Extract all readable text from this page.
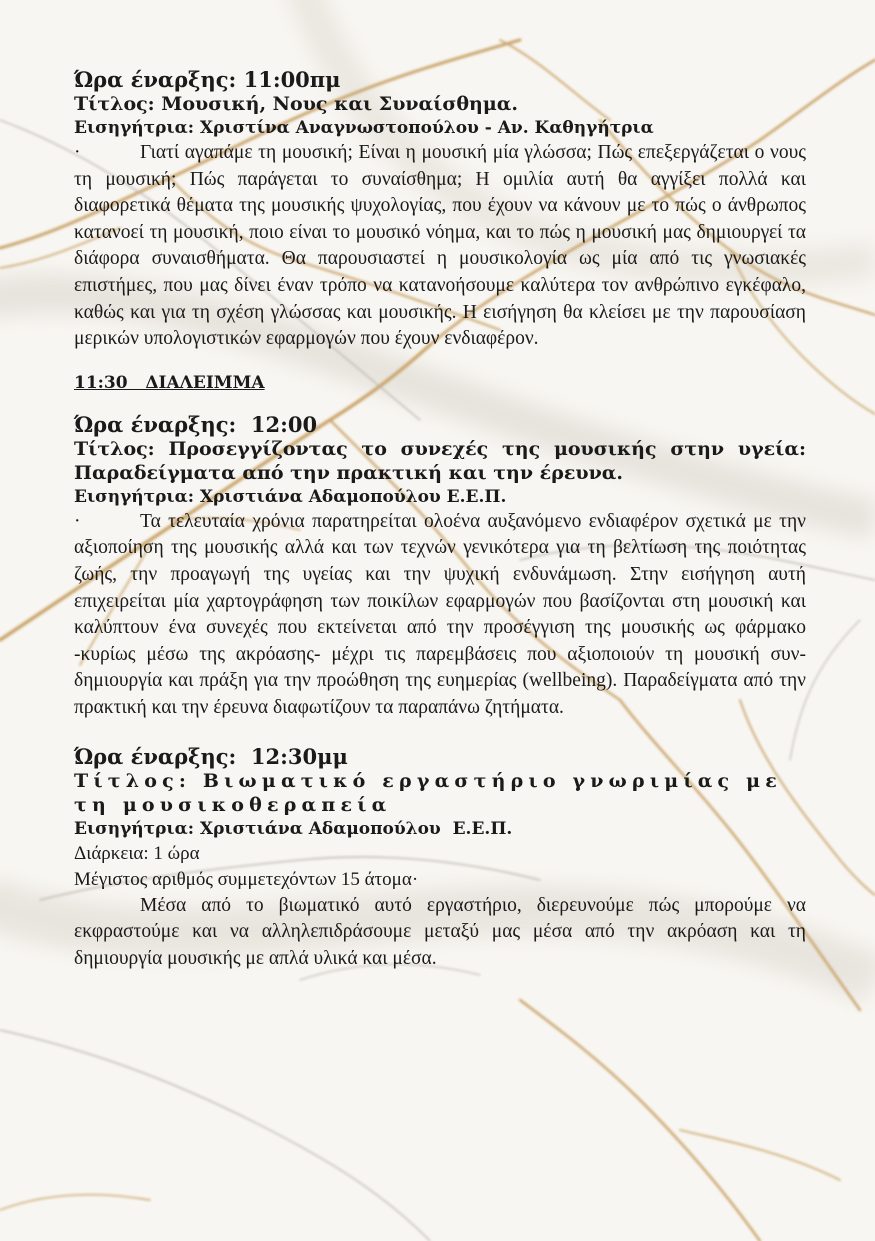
Ώρα έναρξης: 11:00πμ

Τίτλος: Μουσική, Νους και Συναίσθημα.

Εισηγήτρια: Χριστίνα Αναγνωστοπούλου - Αν. Καθηγήτρια

·	Γιατί αγαπάμε τη μουσική; Είναι η μουσική μία γλώσσα; Πώς επεξεργάζεται ο νους τη μουσική; Πώς παράγεται το συναίσθημα; Η ομιλία αυτή θα αγγίξει πολλά και διαφορετικά θέματα της μουσικής ψυχολογίας, που έχουν να κάνουν με το πώς ο άνθρωπος κατανοεί τη μουσική, ποιο είναι το μουσικό νόημα, και το πώς η μουσική μας δημιουργεί τα διάφορα συναισθήματα. Θα παρουσιαστεί η μουσικολογία ως μία από τις γνωσιακές επιστήμες, που μας δίνει έναν τρόπο να κατανοήσουμε καλύτερα τον ανθρώπινο εγκέφαλο, καθώς και για τη σχέση γλώσσας και μουσικής. Η εισήγηση θα κλείσει με την παρουσίαση μερικών υπολογιστικών εφαρμογών που έχουν ενδιαφέρον.

11:30   ΔΙΑΛΕΙΜΜΑ

Ώρα έναρξης:  12:00

Τίτλος: Προσεγγίζοντας το συνεχές της μουσικής στην υγεία: Παραδείγματα από την πρακτική και την έρευνα.

Εισηγήτρια: Χριστιάνα Αδαμοπούλου Ε.Ε.Π.

·	Τα τελευταία χρόνια παρατηρείται ολοένα αυξανόμενο ενδιαφέρον σχετικά με την αξιοποίηση της μουσικής αλλά και των τεχνών γενικότερα για τη βελτίωση της ποιότητας ζωής, την προαγωγή της υγείας και την ψυχική ενδυνάμωση. Στην εισήγηση αυτή επιχειρείται μία χαρτογράφηση των ποικίλων εφαρμογών που βασίζονται στη μουσική και καλύπτουν ένα συνεχές που εκτείνεται από την προσέγγιση της μουσικής ως φάρμακο -κυρίως μέσω της ακρόασης- μέχρι τις παρεμβάσεις που αξιοποιούν τη μουσική συν-δημιουργία και πράξη για την προώθηση της ευημερίας (wellbeing). Παραδείγματα από την πρακτική και την έρευνα διαφωτίζουν τα παραπάνω ζητήματα.

Ώρα έναρξης:  12:30μμ

Τίτλος: Βιωματικό εργαστήριο γνωριμίας με τη μουσικοθεραπεία

Εισηγήτρια: Χριστιάνα Αδαμοπούλου  Ε.Ε.Π.

Διάρκεια: 1 ώρα

Μέγιστος αριθμός συμμετεχόντων 15 άτομα·

Μέσα από το βιωματικό αυτό εργαστήριο, διερευνούμε πώς μπορούμε να εκφραστούμε και να αλληλεπιδράσουμε μεταξύ μας μέσα από την ακρόαση και τη δημιουργία μουσικής με απλά υλικά και μέσα.
